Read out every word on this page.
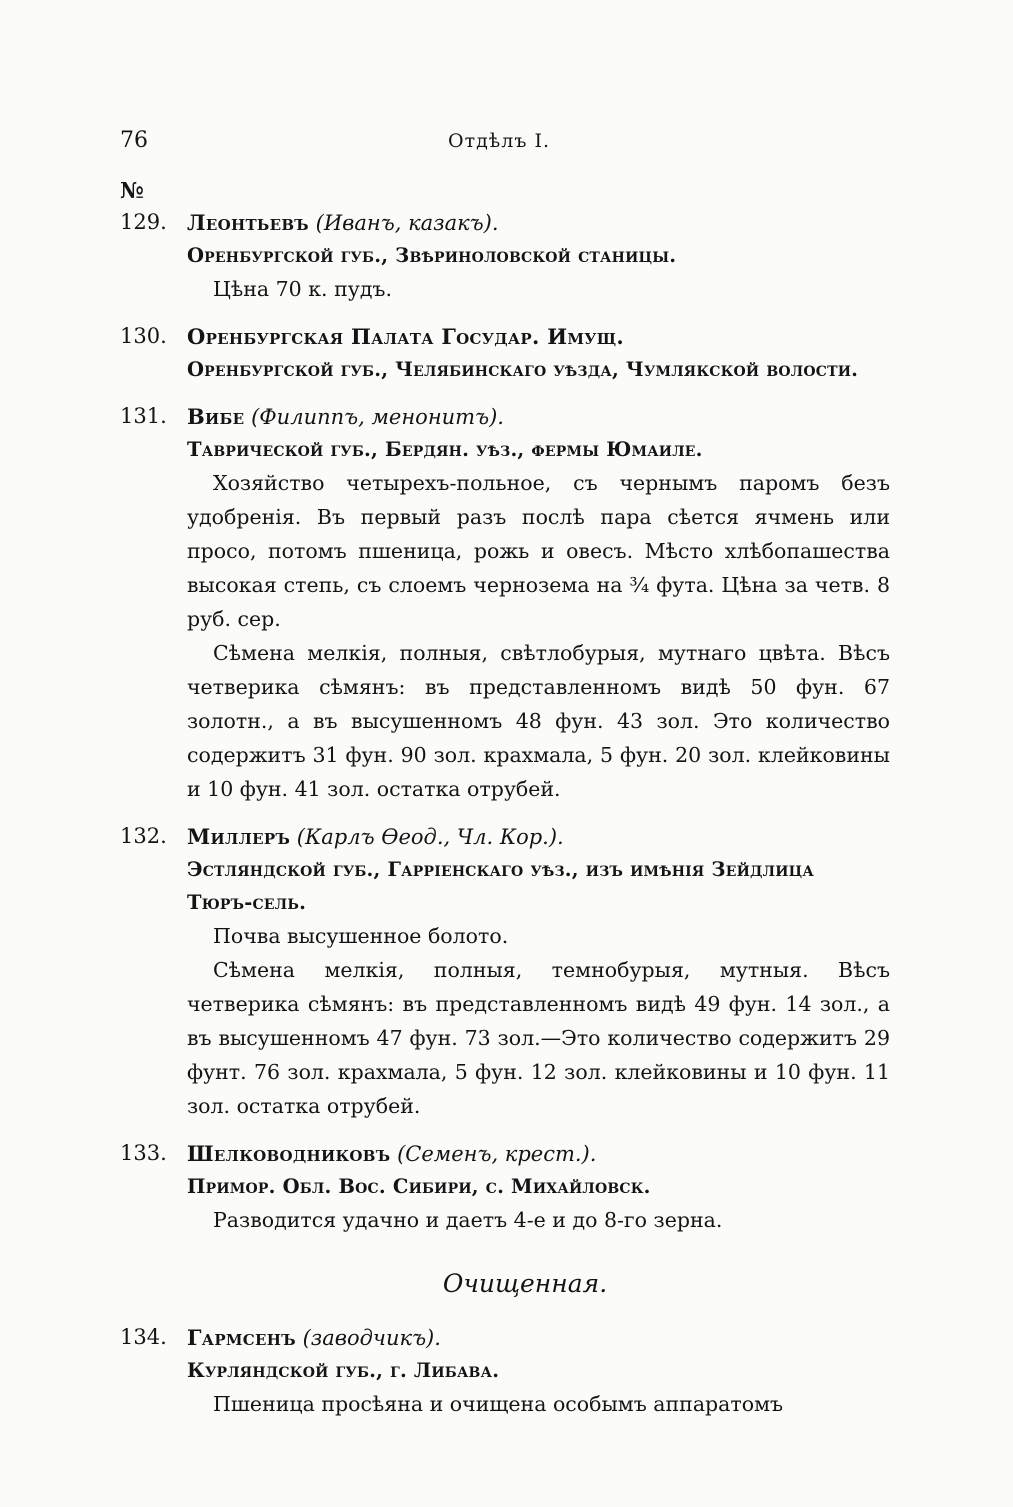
76	Отдѣлъ I.
№
129. Леонтьевъ (Иванъ, казакъ).
Оренбургской губ., Звѣриноловской станицы.
Цѣна 70 к. пудъ.
130. Оренбургская Палата Государ. Имущ.
Оренбургской губ., Челябинскаго уѣзда, Чумлякской волости.
131. Вибе (Филиппъ, менонитъ).
Таврической губ., Бердян. уѣз., фермы Юмаиле.
Хозяйство четырехъ-польное, съ чернымъ паромъ безъ удобренія. Въ первый разъ послѣ пара сѣется ячмень или просо, потомъ пшеница, рожь и овесъ. Мѣсто хлѣбопашества высокая степь, съ слоемъ чернозема на ¾ фута. Цѣна за четв. 8 руб. сер.
Сѣмена мелкія, полныя, свѣтлобурыя, мутнаго цвѣта. Вѣсъ четверика сѣмянъ: въ представленномъ видѣ 50 фун. 67 золотн., а въ высушенномъ 48 фун. 43 зол. Это количество содержитъ 31 фун. 90 зол. крахмала, 5 фун. 20 зол. клейковины и 10 фун. 41 зол. остатка отрубей.
132. Миллеръ (Карлъ Ѳеод., Чл. Кор.).
Эстляндской губ., Гаррiенскаго уѣз., изъ имѣнія Зейдлица
Тюръ-сель.
Почва высушенное болото.
Сѣмена мелкія, полныя, темнобурыя, мутныя. Вѣсъ четверика сѣмянъ: въ представленномъ видѣ 49 фун. 14 зол., а въ высушенномъ 47 фун. 73 зол.—Это количество содержитъ 29 фунт. 76 зол. крахмала, 5 фун. 12 зол. клейковины и 10 фун. 11 зол. остатка отрубей.
133. Шелководниковъ (Семенъ, крест.).
Примор. Обл. Вос. Сибири, с. Михайловск.
Разводится удачно и даетъ 4-е и до 8-го зерна.
Очищенная.
134. Гармсенъ (заводчикъ).
Курляндской губ., г. Либава.
Пшеница просѣяна и очищена особымъ аппаратомъ
